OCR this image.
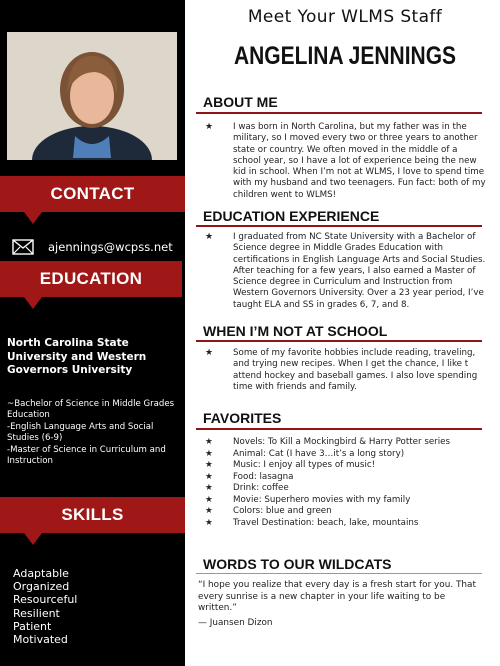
CONTACT
ajennings@wcpss.net
EDUCATION
North Carolina State University and Western Governors University
~Bachelor of Science in Middle Grades Education
-English Language Arts and Social Studies (6-9)
-Master of Science in Curriculum and Instruction
SKILLS
Adaptable
Organized
Resourceful
Resilient
Patient
Motivated
Meet Your WLMS Staff
ANGELINA JENNINGS
ABOUT ME
★	I was born in North Carolina, but my father was in the military, so I moved every two or three years to another state or country. We often moved in the middle of a school year, so I have a lot of experience being the new kid in school. When I’m not at WLMS, I love to spend time with my husband and two teenagers. Fun fact: both of my children went to WLMS!
EDUCATION EXPERIENCE
★	I graduated from NC State University with a Bachelor of Science degree in Middle Grades Education with certifications in English Language Arts and Social Studies. After teaching for a few years, I also earned a Master of Science degree in Curriculum and Instruction from Western Governors University. Over a 23 year period, I’ve taught ELA and SS in grades 6, 7, and 8.
WHEN I’M NOT AT SCHOOL
★	Some of my favorite hobbies include reading, traveling, and trying new recipes. When I get the chance, I like t attend hockey and baseball games. I also love spending time with friends and family.
FAVORITES
★ Novels: To Kill a Mockingbird & Harry Potter series
★ Animal: Cat (I have 3…it’s a long story)
★ Music: I enjoy all types of music!
★ Food: lasagna
★ Drink: coffee
★ Movie: Superhero movies with my family
★ Colors: blue and green
★ Travel Destination: beach, lake, mountains
WORDS TO OUR WILDCATS
“I hope you realize that every day is a fresh start for you. That every sunrise is a new chapter in your life waiting to be written.”
— Juansen Dizon
